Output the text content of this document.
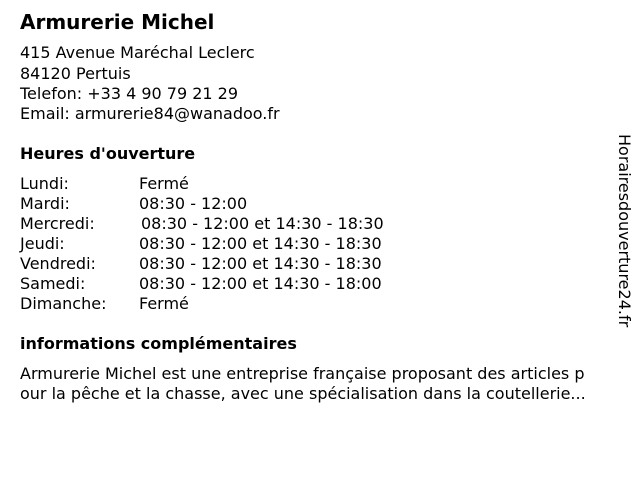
Armurerie Michel
415 Avenue Maréchal Leclerc
84120 Pertuis
Telefon: +33 4 90 79 21 29
Email: armurerie84@wanadoo.fr
Heures d'ouverture
Lundi:	Fermé
Mardi:	08:30 - 12:00
Mercredi:	08:30 - 12:00 et 14:30 - 18:30
Jeudi:	08:30 - 12:00 et 14:30 - 18:30
Vendredi:	08:30 - 12:00 et 14:30 - 18:30
Samedi:	08:30 - 12:00 et 14:30 - 18:00
Dimanche: Fermé
informations complémentaires
Armurerie Michel est une entreprise française proposant des articles p
our la pêche et la chasse, avec une spécialisation dans la coutellerie...
Horairesdouverture24.fr
